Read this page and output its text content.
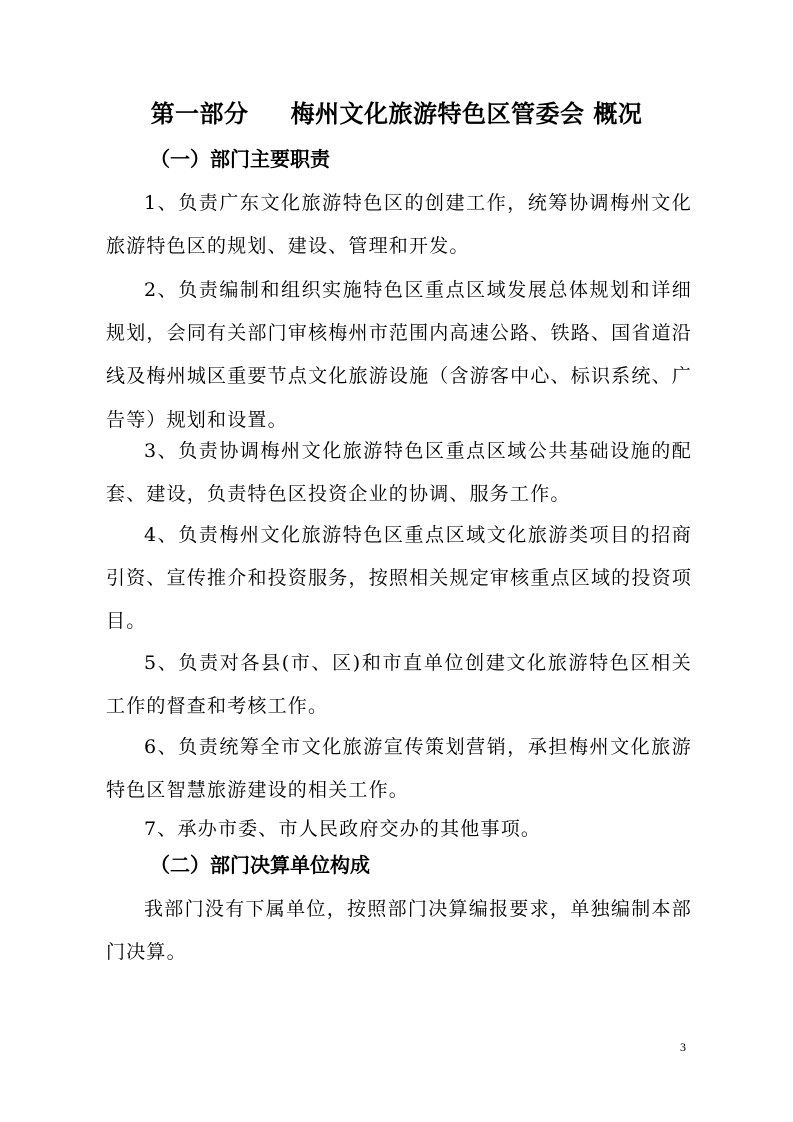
第一部分 梅州文化旅游特色区管委会 概况
（一）部门主要职责

1、负责广东文化旅游特色区的创建工作，统筹协调梅州文化旅游特色区的规划、建设、管理和开发。

2、负责编制和组织实施特色区重点区域发展总体规划和详细规划，会同有关部门审核梅州市范围内高速公路、铁路、国省道沿线及梅州城区重要节点文化旅游设施（含游客中心、标识系统、广告等）规划和设置。

3、负责协调梅州文化旅游特色区重点区域公共基础设施的配套、建设，负责特色区投资企业的协调、服务工作。

4、负责梅州文化旅游特色区重点区域文化旅游类项目的招商引资、宣传推介和投资服务，按照相关规定审核重点区域的投资项目。

5、负责对各县(市、区)和市直单位创建文化旅游特色区相关工作的督查和考核工作。

6、负责统筹全市文化旅游宣传策划营销，承担梅州文化旅游特色区智慧旅游建设的相关工作。

7、承办市委、市人民政府交办的其他事项。

（二）部门决算单位构成

我部门没有下属单位，按照部门决算编报要求，单独编制本部门决算。

3
